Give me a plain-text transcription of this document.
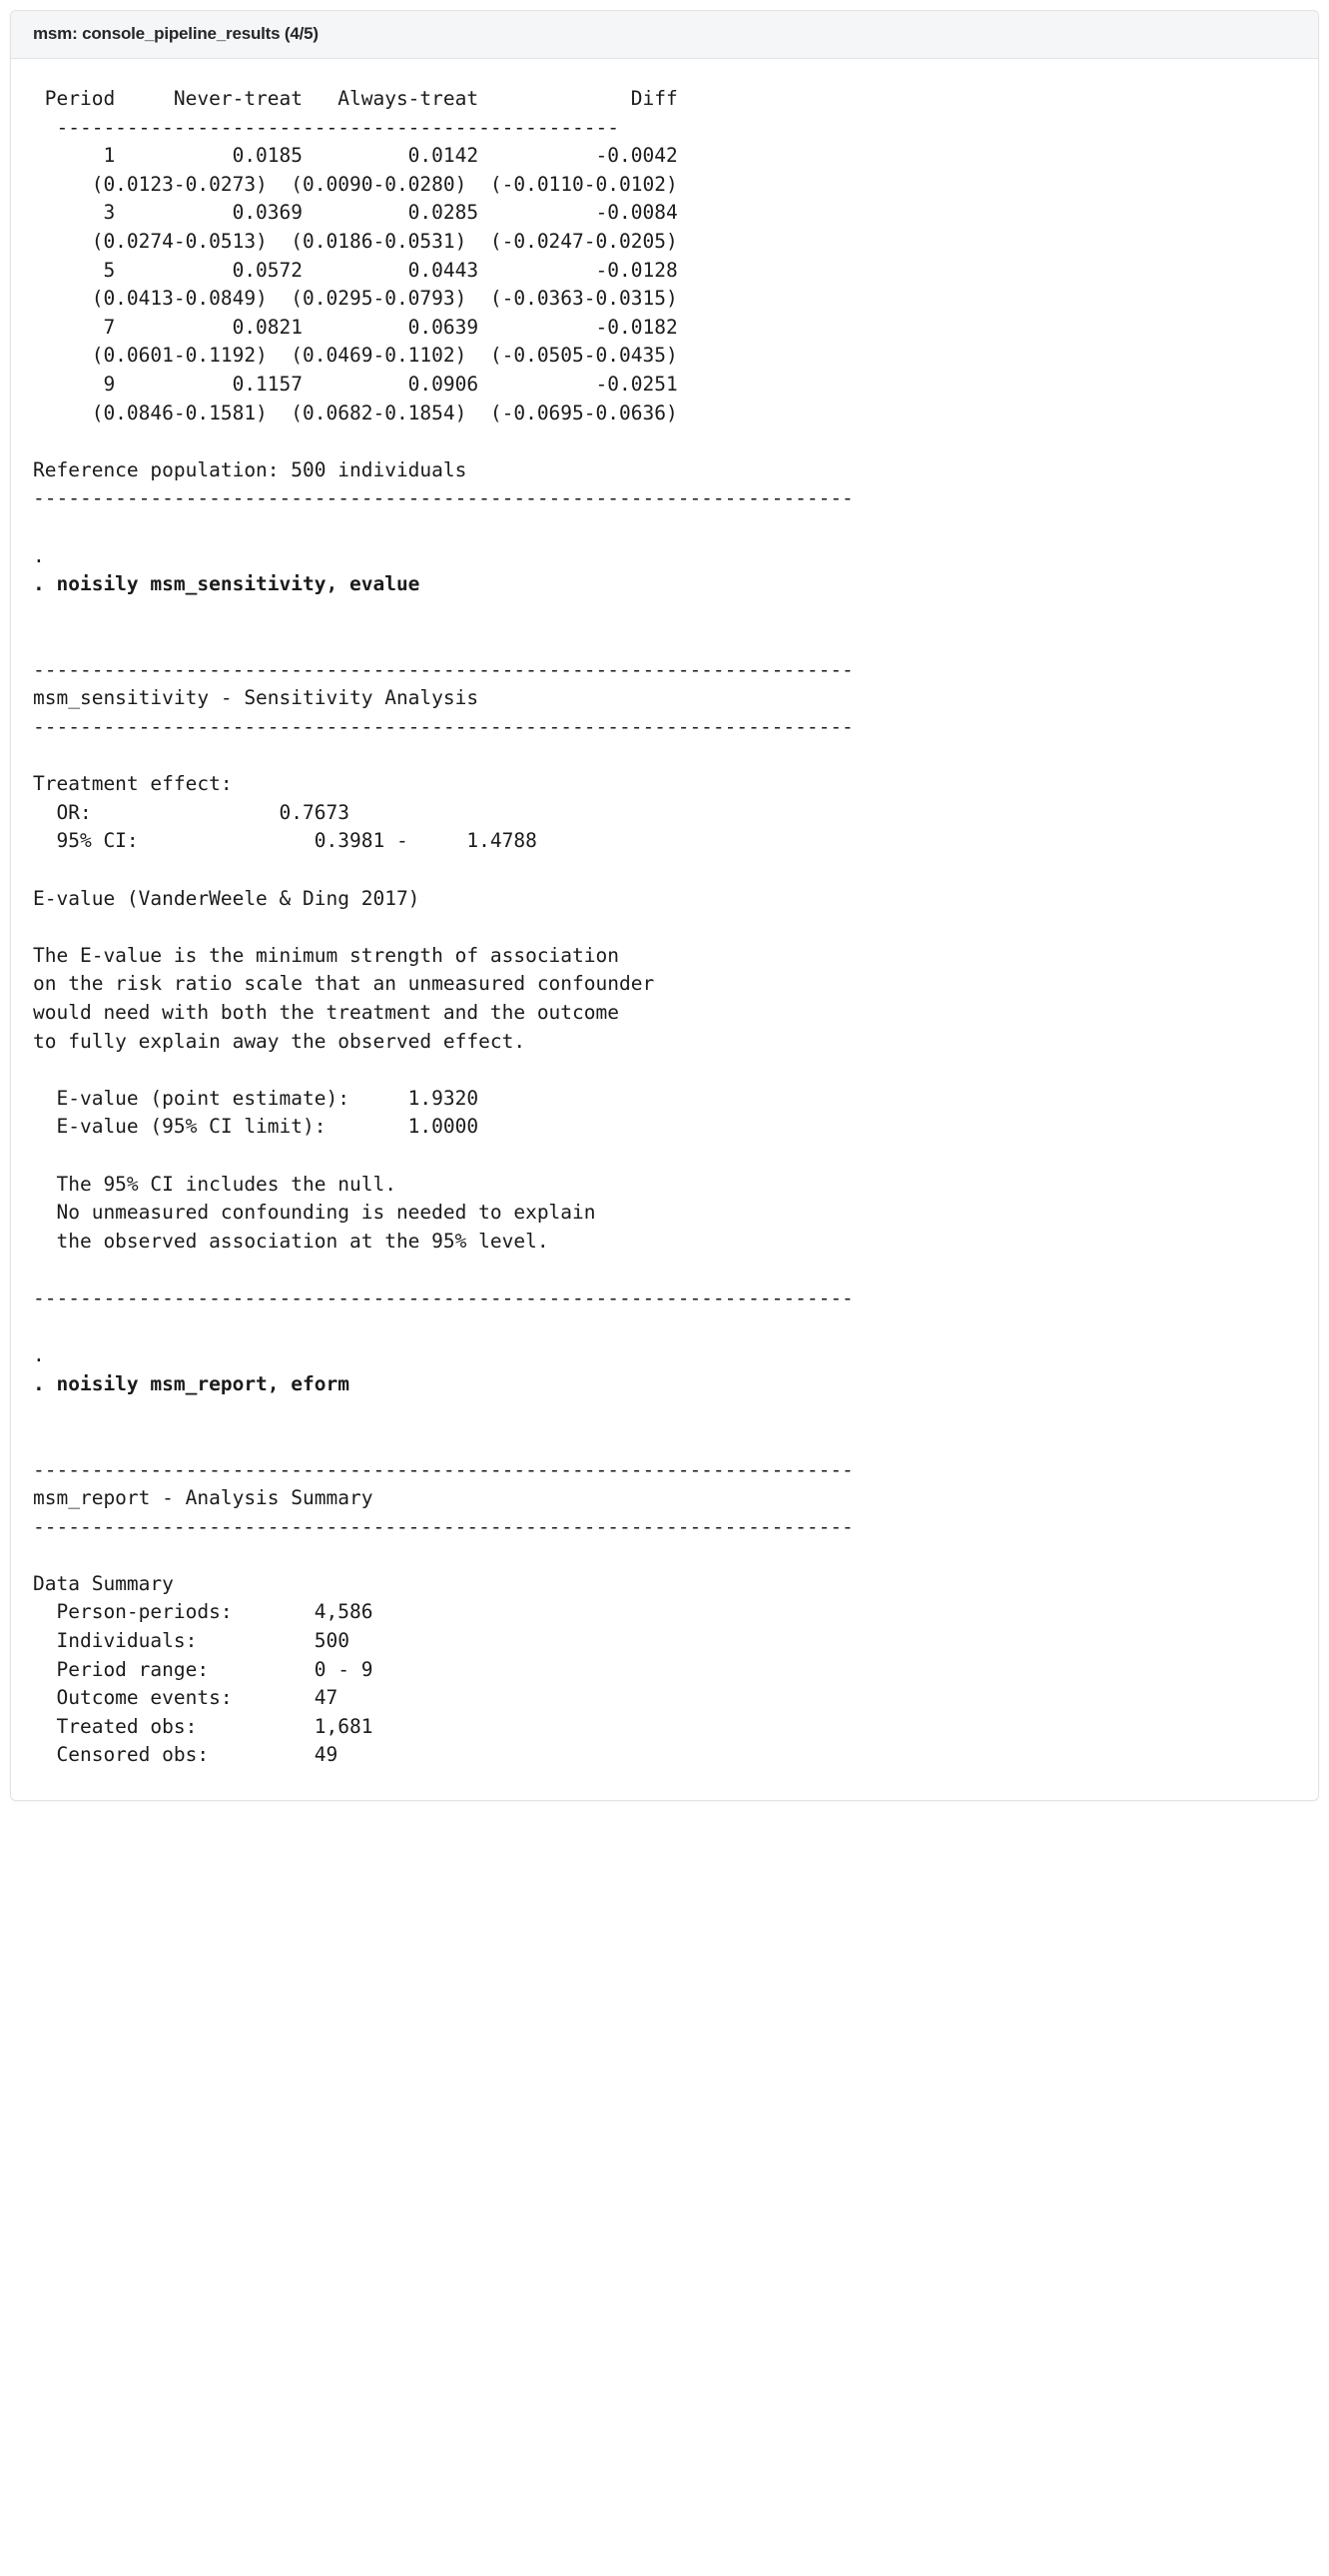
msm: console_pipeline_results (4/5)
Period     Never-treat   Always-treat             Diff
------------------------------------------------
1          0.0185         0.0142          -0.0042
(0.0123-0.0273)  (0.0090-0.0280)  (-0.0110-0.0102)
3          0.0369         0.0285          -0.0084
(0.0274-0.0513)  (0.0186-0.0531)  (-0.0247-0.0205)
5          0.0572         0.0443          -0.0128
(0.0413-0.0849)  (0.0295-0.0793)  (-0.0363-0.0315)
7          0.0821         0.0639          -0.0182
(0.0601-0.1192)  (0.0469-0.1102)  (-0.0505-0.0435)
9          0.1157         0.0906          -0.0251
(0.0846-0.1581)  (0.0682-0.1854)  (-0.0695-0.0636)

Reference population: 500 individuals
----------------------------------------------------------------------

.
. noisily msm_sensitivity, evalue

----------------------------------------------------------------------
msm_sensitivity - Sensitivity Analysis
----------------------------------------------------------------------

Treatment effect:
OR:                0.7673
95% CI:               0.3981 -     1.4788

E-value (VanderWeele & Ding 2017)

The E-value is the minimum strength of association
on the risk ratio scale that an unmeasured confounder
would need with both the treatment and the outcome
to fully explain away the observed effect.

E-value (point estimate):     1.9320
E-value (95% CI limit):       1.0000

The 95% CI includes the null.
No unmeasured confounding is needed to explain
the observed association at the 95% level.

----------------------------------------------------------------------

.
. noisily msm_report, eform

----------------------------------------------------------------------
msm_report - Analysis Summary
----------------------------------------------------------------------

Data Summary
Person-periods:       4,586
Individuals:          500
Period range:         0 - 9
Outcome events:       47
Treated obs:          1,681
Censored obs:         49
